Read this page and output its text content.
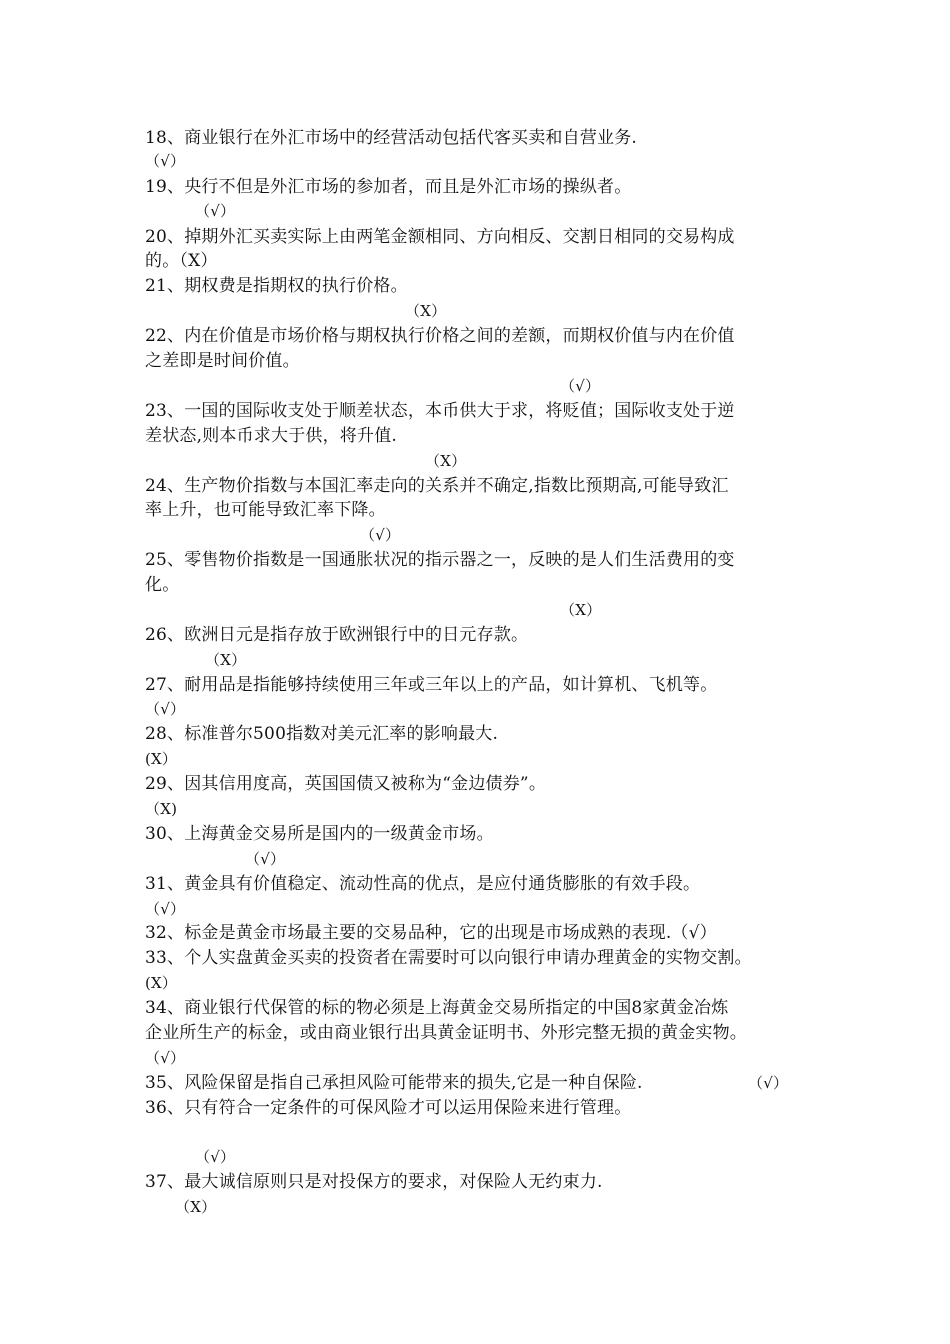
18、商业银行在外汇市场中的经营活动包括代客买卖和自营业务.
（√）
19、央行不但是外汇市场的参加者，而且是外汇市场的操纵者。
（√）
20、掉期外汇买卖实际上由两笔金额相同、方向相反、交割日相同的交易构成
的。（X）
21、期权费是指期权的执行价格。
（X）
22、内在价值是市场价格与期权执行价格之间的差额，而期权价值与内在价值
之差即是时间价值。
（√）
23、一国的国际收支处于顺差状态，本币供大于求，将贬值；国际收支处于逆
差状态,则本币求大于供，将升值.
（X）
24、生产物价指数与本国汇率走向的关系并不确定,指数比预期高,可能导致汇
率上升，也可能导致汇率下降。
（√）
25、零售物价指数是一国通胀状况的指示器之一，反映的是人们生活费用的变
化。
（X）
26、欧洲日元是指存放于欧洲银行中的日元存款。
（X）
27、耐用品是指能够持续使用三年或三年以上的产品，如计算机、飞机等。
（√）
28、标准普尔500指数对美元汇率的影响最大.
(X）
29、因其信用度高，英国国债又被称为“金边债券”。
（X)
30、上海黄金交易所是国内的一级黄金市场。
（√）
31、黄金具有价值稳定、流动性高的优点，是应付通货膨胀的有效手段。
（√）
32、标金是黄金市场最主要的交易品种，它的出现是市场成熟的表现.（√）
33、个人实盘黄金买卖的投资者在需要时可以向银行申请办理黄金的实物交割。
(X）
34、商业银行代保管的标的物必须是上海黄金交易所指定的中国8家黄金冶炼
企业所生产的标金，或由商业银行出具黄金证明书、外形完整无损的黄金实物。
（√）
35、风险保留是指自己承担风险可能带来的损失,它是一种自保险.	（√）
36、只有符合一定条件的可保风险才可以运用保险来进行管理。
（√）
37、最大诚信原则只是对投保方的要求，对保险人无约束力.
（X）
